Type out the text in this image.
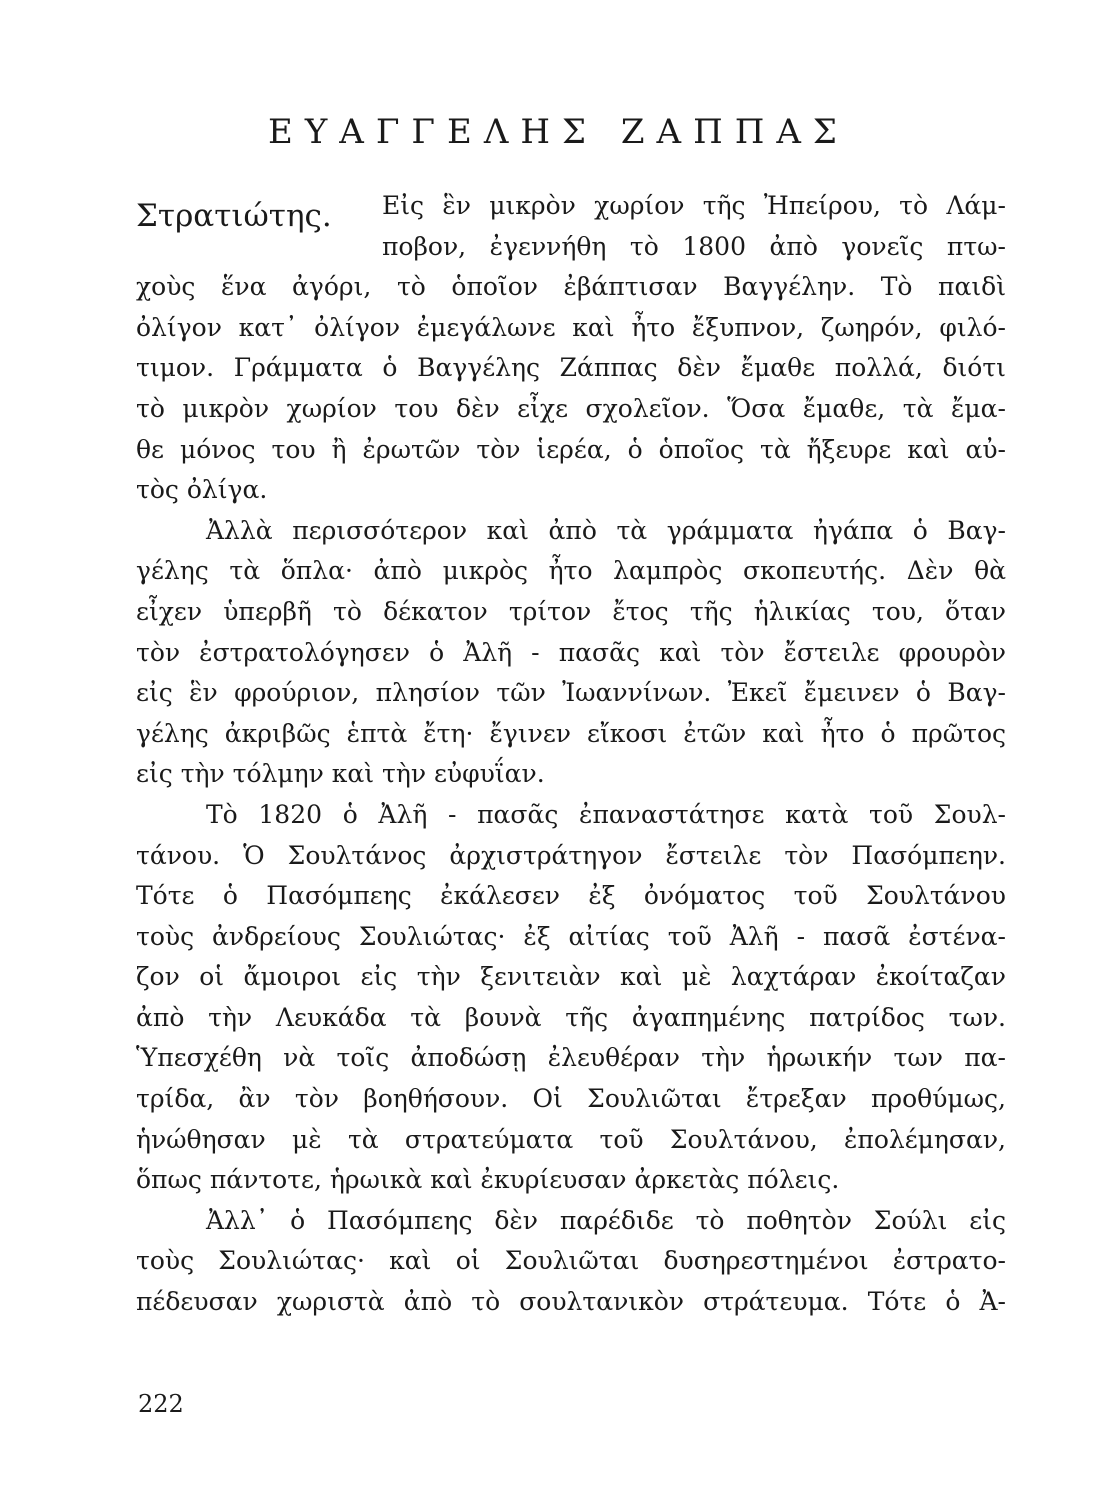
ΕΥΑΓΓΕΛΗΣ ΖΑΠΠΑΣ

Στρατιώτης.	Εἰς ἓν μικρὸν χωρίον τῆς Ἠπείρου, τὸ Λάμ-
πoβον, ἐγεννήθη τὸ 1800 ἀπὸ γονεῖς πτω-
χοὺς ἕνα ἀγόρι, τὸ ὁποῖον ἐβάπτισαν Βαγγέλην. Τὸ παιδὶ
ὀλίγον κατ᾽ ὀλίγον ἐμεγάλωνε καὶ ἦτο ἔξυπνον, ζωηρόν, φιλό-
τιμον. Γράμματα ὁ Βαγγέλης Ζάππας δὲν ἔμαθε πολλά, διότι
τὸ μικρὸν χωρίον του δὲν εἶχε σχολεῖον. Ὅσα ἔμαθε, τὰ ἔμα-
θε μόνος του ἢ ἐρωτῶν τὸν ἱερέα, ὁ ὁποῖος τὰ ἤξευρε καὶ αὐ-
τὸς ὀλίγα.
Ἀλλὰ περισσότερον καὶ ἀπὸ τὰ γράμματα ἠγάπα ὁ Βαγ-
γέλης τὰ ὅπλα· ἀπὸ μικρὸς ἦτο λαμπρὸς σκοπευτής. Δὲν θὰ
εἶχεν ὑπερβῆ τὸ δέκατον τρίτον ἔτος τῆς ἡλικίας του, ὅταν
τὸν ἐστρατολόγησεν ὁ Ἀλῆ - πασᾶς καὶ τὸν ἔστειλε φρουρὸν
εἰς ἓν φρούριον, πλησίον τῶν Ἰωαννίνων. Ἐκεῖ ἔμεινεν ὁ Βαγ-
γέλης ἀκριβῶς ἑπτὰ ἔτη· ἔγινεν εἴκοσι ἐτῶν καὶ ἦτο ὁ πρῶτος
εἰς τὴν τόλμην καὶ τὴν εὐφυΐαν.
Τὸ 1820 ὁ Ἀλῆ - πασᾶς ἐπαναστάτησε κατὰ τοῦ Σουλ-
τάνου. Ὁ Σουλτάνος ἀρχιστράτηγον ἔστειλε τὸν Πασόμπεην.
Τότε ὁ Πασόμπεης ἐκάλεσεν ἐξ ὀνόματος τοῦ Σουλτάνου
τοὺς ἀνδρείους Σουλιώτας· ἐξ αἰτίας τοῦ Ἀλῆ - πασᾶ ἐστένα-
ζον οἱ ἄμοιροι εἰς τὴν ξενιτειὰν καὶ μὲ λαχτάραν ἐκοίταζαν
ἀπὸ τὴν Λευκάδα τὰ βουνὰ τῆς ἀγαπημένης πατρίδος των.
Ὑπεσχέθη νὰ τοῖς ἀποδώσῃ ἐλευθέραν τὴν ἡρωικήν των πα-
τρίδα, ἂν τὸν βοηθήσουν. Οἱ Σουλιῶται ἔτρεξαν προθύμως,
ἡνώθησαν μὲ τὰ στρατεύματα τοῦ Σουλτάνου, ἐπολέμησαν,
ὅπως πάντοτε, ἡρωικὰ καὶ ἐκυρίευσαν ἀρκετὰς πόλεις.
Ἀλλ᾽ ὁ Πασόμπεης δὲν παρέδιδε τὸ ποθητὸν Σούλι εἰς
τοὺς Σουλιώτας· καὶ οἱ Σουλιῶται δυσηρεστημένοι ἐστρατο-
πέδευσαν χωριστὰ ἀπὸ τὸ σουλτανικὸν στράτευμα. Τότε ὁ Ἀ-

222
